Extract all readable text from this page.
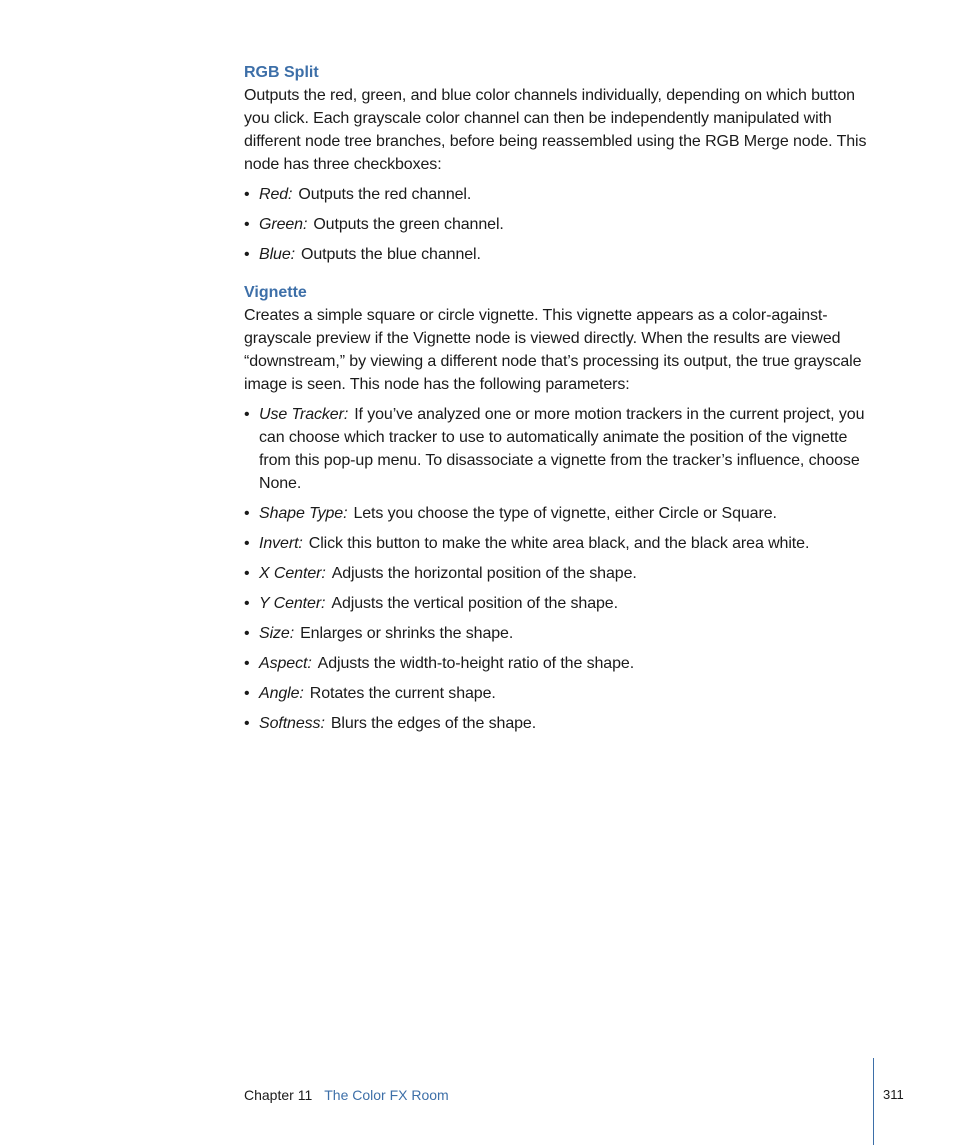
RGB Split

Outputs the red, green, and blue color channels individually, depending on which button you click. Each grayscale color channel can then be independently manipulated with different node tree branches, before being reassembled using the RGB Merge node. This node has three checkboxes:

• Red: Outputs the red channel.
• Green: Outputs the green channel.
• Blue: Outputs the blue channel.
Vignette

Creates a simple square or circle vignette. This vignette appears as a color-against-grayscale preview if the Vignette node is viewed directly. When the results are viewed “downstream,” by viewing a different node that’s processing its output, the true grayscale image is seen. This node has the following parameters:

• Use Tracker: If you’ve analyzed one or more motion trackers in the current project, you can choose which tracker to use to automatically animate the position of the vignette from this pop-up menu. To disassociate a vignette from the tracker’s influence, choose None.
• Shape Type: Lets you choose the type of vignette, either Circle or Square.
• Invert: Click this button to make the white area black, and the black area white.
• X Center: Adjusts the horizontal position of the shape.
• Y Center: Adjusts the vertical position of the shape.
• Size: Enlarges or shrinks the shape.
• Aspect: Adjusts the width-to-height ratio of the shape.
• Angle: Rotates the current shape.
• Softness: Blurs the edges of the shape.
Chapter 11 The Color FX Room	311
